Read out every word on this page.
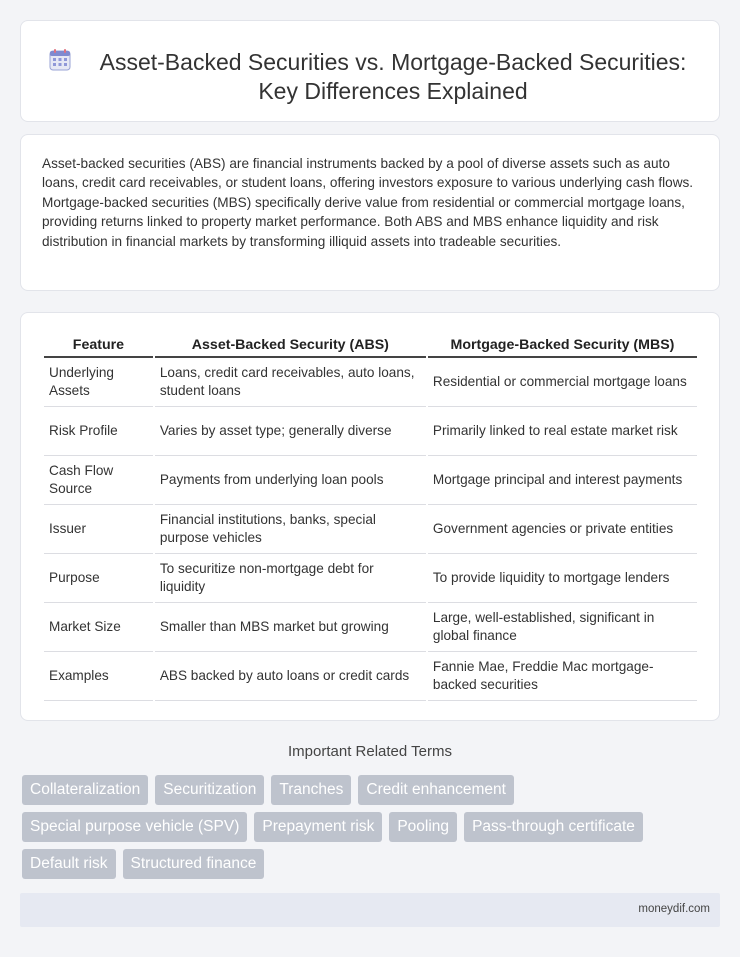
Asset-Backed Securities vs. Mortgage-Backed Securities: Key Differences Explained

Asset-backed securities (ABS) are financial instruments backed by a pool of diverse assets such as auto loans, credit card receivables, or student loans, offering investors exposure to various underlying cash flows. Mortgage-backed securities (MBS) specifically derive value from residential or commercial mortgage loans, providing returns linked to property market performance. Both ABS and MBS enhance liquidity and risk distribution in financial markets by transforming illiquid assets into tradeable securities.

Feature	Asset-Backed Security (ABS)	Mortgage-Backed Security (MBS)
Underlying Assets	Loans, credit card receivables, auto loans, student loans	Residential or commercial mortgage loans
Risk Profile	Varies by asset type; generally diverse	Primarily linked to real estate market risk
Cash Flow Source	Payments from underlying loan pools	Mortgage principal and interest payments
Issuer	Financial institutions, banks, special purpose vehicles	Government agencies or private entities
Purpose	To securitize non-mortgage debt for liquidity	To provide liquidity to mortgage lenders
Market Size	Smaller than MBS market but growing	Large, well-established, significant in global finance
Examples	ABS backed by auto loans or credit cards	Fannie Mae, Freddie Mac mortgage-backed securities
Important Related Terms
Collateralization	Securitization	Tranches	Credit enhancement
Special purpose vehicle (SPV)	Prepayment risk	Pooling	Pass-through certificate
Default risk	Structured finance
moneydif.com
